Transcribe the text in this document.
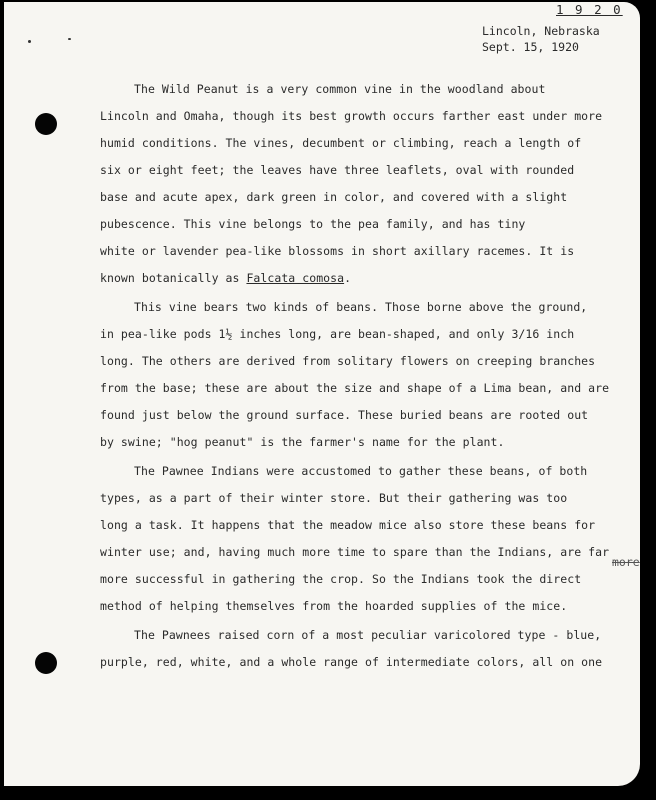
1 9 2 0
Lincoln, Nebraska
Sept. 15, 1920
The Wild Peanut is a very common vine in the woodland about
Lincoln and Omaha, though its best growth occurs farther east under more
humid conditions. The vines, decumbent or climbing, reach a length of
six or eight feet; the leaves have three leaflets, oval with rounded
base and acute apex, dark green in color, and covered with a slight
pubescence. This vine belongs to the pea family, and has tiny
white or lavender pea-like blossoms in short axillary racemes. It is
known botanically as Falcata comosa.
This vine bears two kinds of beans. Those borne above the ground,
in pea-like pods 1½ inches long, are bean-shaped, and only 3/16 inch
long. The others are derived from solitary flowers on creeping branches
from the base; these are about the size and shape of a Lima bean, and are
found just below the ground surface. These buried beans are rooted out
by swine; "hog peanut" is the farmer's name for the plant.
The Pawnee Indians were accustomed to gather these beans, of both
types, as a part of their winter store. But their gathering was too
long a task. It happens that the meadow mice also store these beans for
winter use; and, having much more time to spare than the Indians, are far
more successful in gathering the crop. So the Indians took the direct
method of helping themselves from the hoarded supplies of the mice.
The Pawnees raised corn of a most peculiar varicolored type - blue,
purple, red, white, and a whole range of intermediate colors, all on one
more
